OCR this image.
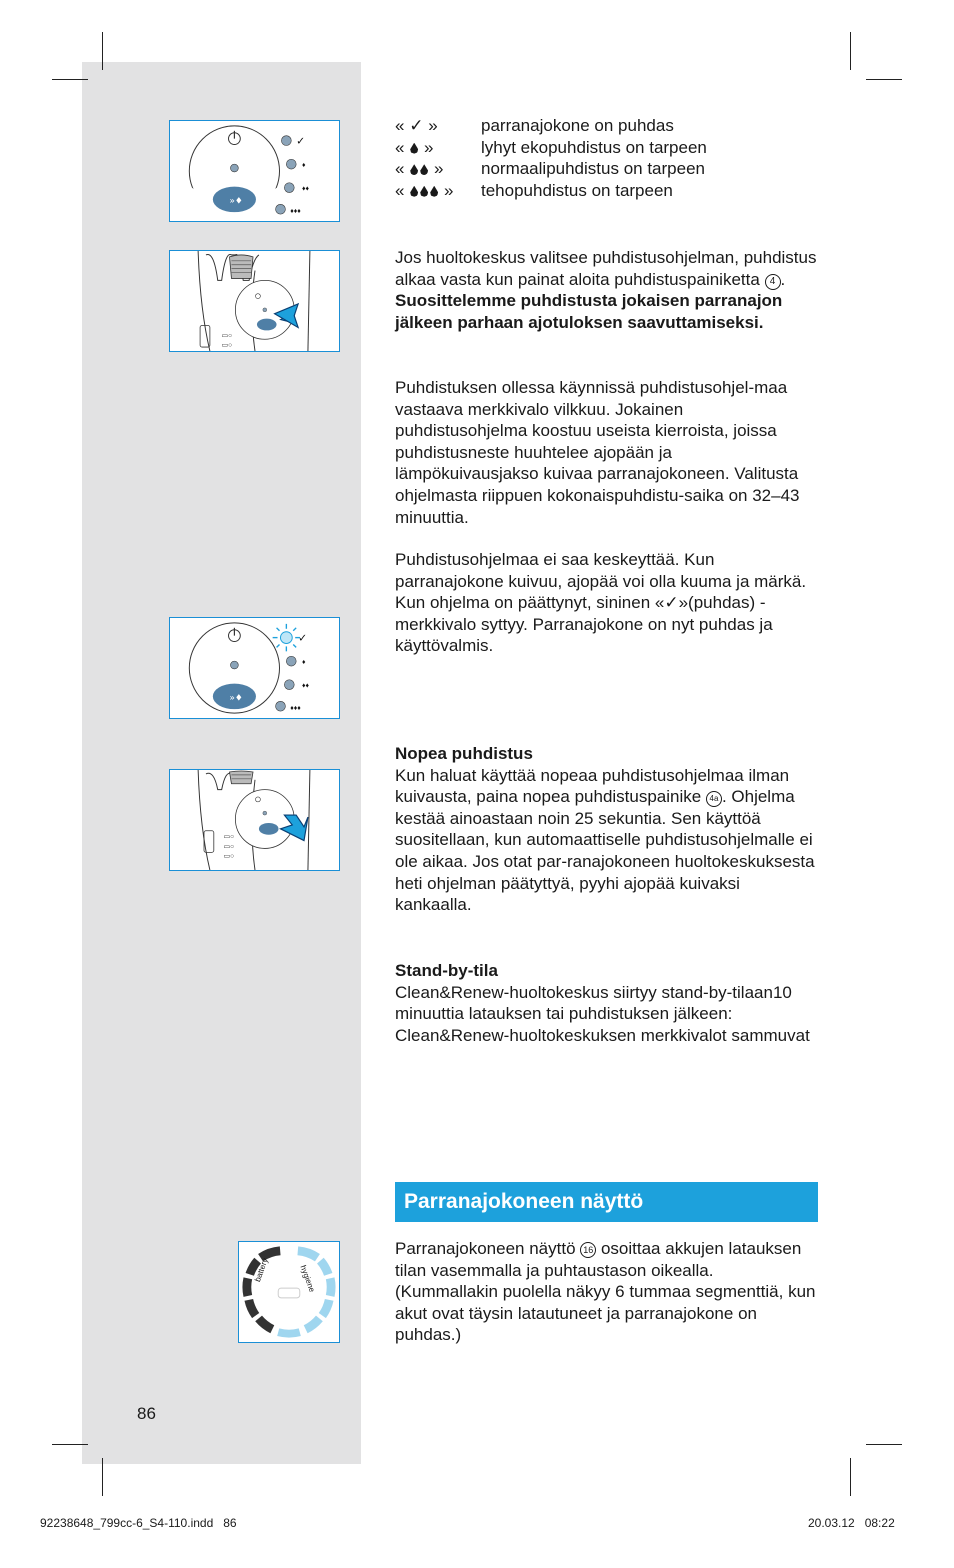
»♦
✓
♦
♦♦
♦♦♦
▭○
▭○
»♦
✓
♦
♦♦
♦♦♦
▭○
▭○
▭○
« ✓ »	parranajokone on puhdas
« »	lyhyt ekopuhdistus on tarpeen
« »	normaalipuhdistus on tarpeen
« »	tehopuhdistus on tarpeen

Jos huoltokeskus valitsee puhdistusohjelman, puhdistus alkaa vasta kun painat aloita puhdistuspainiketta 4 . Suosittelemme puhdistusta jokaisen parranajon jälkeen parhaan ajotuloksen saavuttamiseksi.

Puhdistuksen ollessa käynnissä puhdistusohjel-maa vastaava merkkivalo vilkkuu. Jokainen puhdistusohjelma koostuu useista kierroista, joissa puhdistusneste huuhtelee ajopään ja lämpökuivausjakso kuivaa parranajokoneen. Valitusta ohjelmasta riippuen kokonaispuhdistu-saika on 32–43 minuuttia.

Puhdistusohjelmaa ei saa keskeyttää. Kun parranajokone kuivuu, ajopää voi olla kuuma ja märkä.

Kun ohjelma on päättynyt, sininen «✓»(puhdas) -merkkivalo syttyy. Parranajokone on nyt puhdas ja käyttövalmis.

Nopea puhdistus

Kun haluat käyttää nopeaa puhdistusohjelmaa ilman kuivausta, paina nopea puhdistuspainike 4a . Ohjelma kestää ainoastaan noin 25 sekuntia. Sen käyttöä suositellaan, kun automaattiselle puhdistusohjelmalle ei ole aikaa. Jos otat par-ranajokoneen huoltokeskuksesta heti ohjelman päätyttyä, pyyhi ajopää kuivaksi kankaalla.

Stand-by-tila

Clean&Renew-huoltokeskus siirtyy stand-by-tilaan10 minuuttia latauksen tai puhdistuksen jälkeen: Clean&Renew-huoltokeskuksen merkkivalot sammuvat

Parranajokoneen näyttö

Parranajokoneen näyttö 16 osoittaa akkujen latauksen tilan vasemmalla ja puhtaustason oikealla. (Kummallakin puolella näkyy 6 tummaa segmenttiä, kun akut ovat täysin latautuneet ja parranajokone on puhdas.)

battery	hygiene
86
92238648_799cc-6_S4-110.indd   86	20.03.12   08:22
